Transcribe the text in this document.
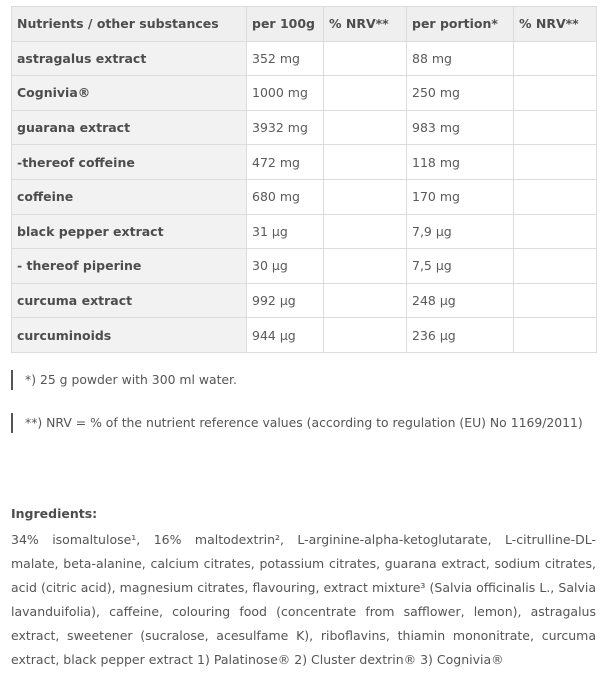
Nutrients / other substances	per 100g	% NRV**	per portion*	% NRV**
astragalus extract	352 mg		88 mg	
Cognivia®	1000 mg		250 mg	
guarana extract	3932 mg		983 mg	
-thereof coffeine	472 mg		118 mg	
coffeine	680 mg		170 mg	
black pepper extract	31 µg		7,9 µg	
- thereof piperine	30 µg		7,5 µg	
curcuma extract	992 µg		248 µg	
curcuminoids	944 µg		236 µg	
*) 25 g powder with 300 ml water.
**) NRV = % of the nutrient reference values (according to regulation (EU) No 1169/2011)

Ingredients:

34% isomaltulose¹, 16% maltodextrin², L-arginine-alpha-ketoglutarate, L-citrulline-DL-malate, beta-alanine, calcium citrates, potassium citrates, guarana extract, sodium citrates, acid (citric acid), magnesium citrates, flavouring, extract mixture³ (Salvia officinalis L., Salvia lavanduifolia), caffeine, colouring food (concentrate from safflower, lemon), astragalus extract, sweetener (sucralose, acesulfame K), riboflavins, thiamin mononitrate, curcuma extract, black pepper extract 1) Palatinose® 2) Cluster dextrin® 3) Cognivia®
